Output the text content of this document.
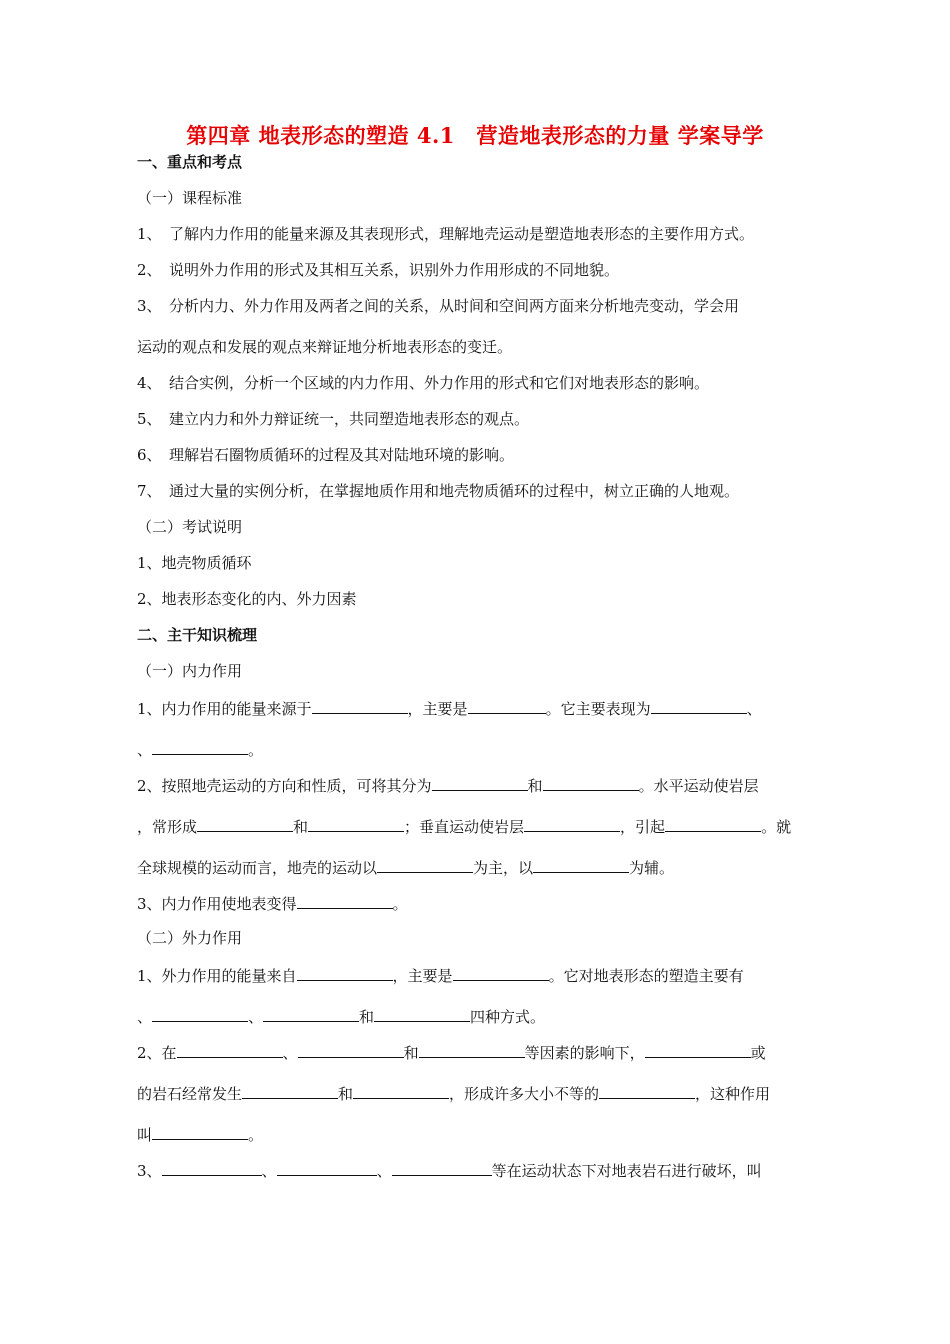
第四章 地表形态的塑造 4.1　营造地表形态的力量 学案导学
一、重点和考点
（一）课程标准
1、　了解内力作用的能量来源及其表现形式，理解地壳运动是塑造地表形态的主要作用方式。
2、　说明外力作用的形式及其相互关系，识别外力作用形成的不同地貌。
3、　分析内力、外力作用及两者之间的关系，从时间和空间两方面来分析地壳变动，学会用
运动的观点和发展的观点来辩证地分析地表形态的变迁。
4、　结合实例，分析一个区域的内力作用、外力作用的形式和它们对地表形态的影响。
5、　建立内力和外力辩证统一，共同塑造地表形态的观点。
6、　理解岩石圈物质循环的过程及其对陆地环境的影响。
7、　通过大量的实例分析，在掌握地质作用和地壳物质循环的过程中，树立正确的人地观。
（二）考试说明
1、地壳物质循环
2、地表形态变化的内、外力因素
二、主干知识梳理
（一）内力作用
1、内力作用的能量来源于	，主要是	。它主要表现为	、
、	。
2、按照地壳运动的方向和性质，可将其分为	和	。水平运动使岩层
，常形成	和	；垂直运动使岩层	，引起	。就
全球规模的运动而言，地壳的运动以	为主，以	为辅。
3、内力作用使地表变得	。
（二）外力作用
1、外力作用的能量来自	，主要是	。它对地表形态的塑造主要有
、	、	和	四种方式。
2、在	、	和	等因素的影响下，	或
的岩石经常发生	和	，形成许多大小不等的	，这种作用
叫	。
3、	、	、	等在运动状态下对地表岩石进行破坏，叫
